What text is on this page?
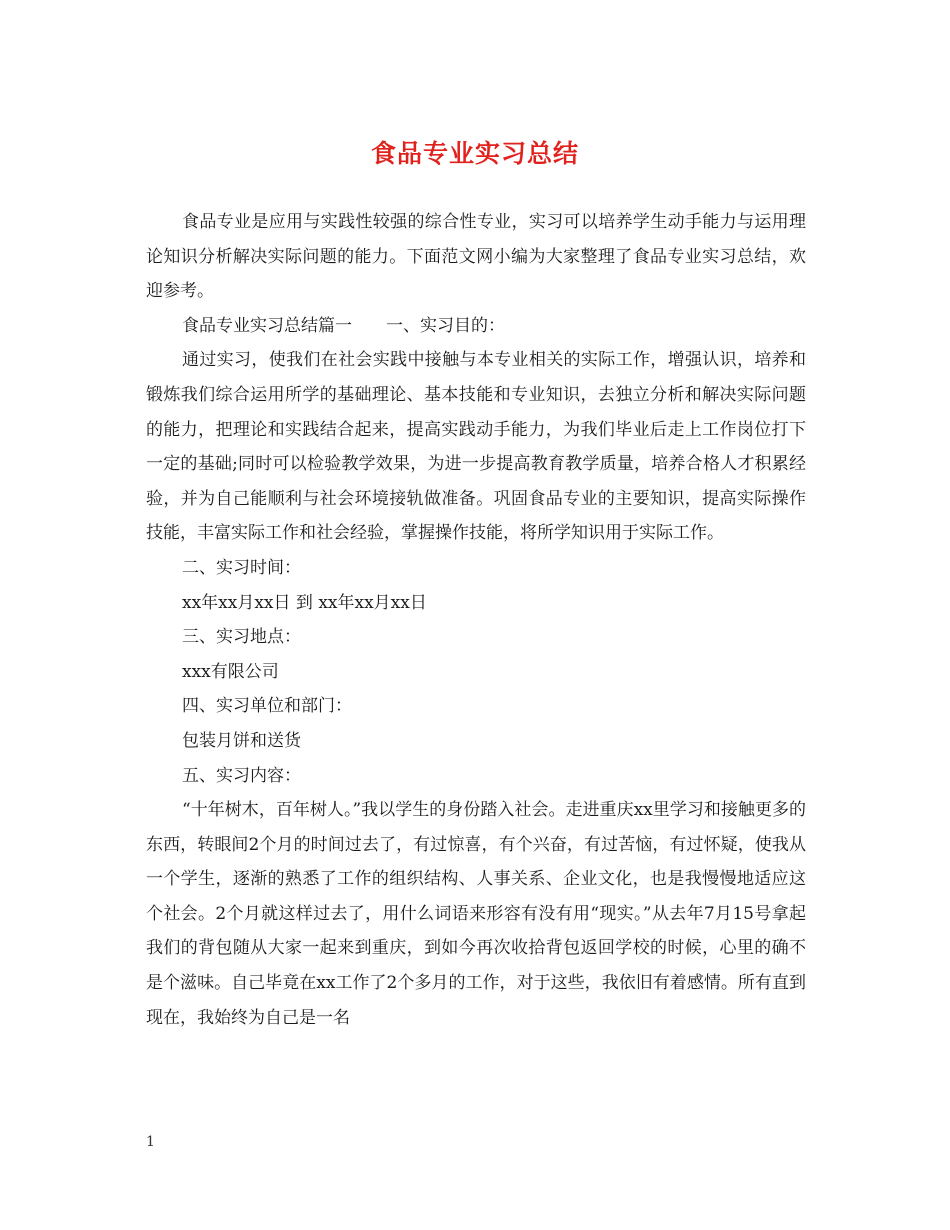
食品专业实习总结

食品专业是应用与实践性较强的综合性专业，实习可以培养学生动手能力与运用理论知识分析解决实际问题的能力。下面范文网小编为大家整理了食品专业实习总结，欢迎参考。

食品专业实习总结篇一　　一、实习目的：

通过实习，使我们在社会实践中接触与本专业相关的实际工作，增强认识，培养和锻炼我们综合运用所学的基础理论、基本技能和专业知识，去独立分析和解决实际问题的能力，把理论和实践结合起来，提高实践动手能力，为我们毕业后走上工作岗位打下一定的基础;同时可以检验教学效果，为进一步提高教育教学质量，培养合格人才积累经验，并为自己能顺利与社会环境接轨做准备。巩固食品专业的主要知识，提高实际操作技能，丰富实际工作和社会经验，掌握操作技能，将所学知识用于实际工作。

二、实习时间：

xx年xx月xx日 到 xx年xx月xx日

三、实习地点：

xxx有限公司

四、实习单位和部门：

包装月饼和送货

五、实习内容：

“十年树木，百年树人。”我以学生的身份踏入社会。走进重庆xx里学习和接触更多的东西，转眼间2个月的时间过去了，有过惊喜，有个兴奋，有过苦恼，有过怀疑，使我从一个学生，逐渐的熟悉了工作的组织结构、人事关系、企业文化，也是我慢慢地适应这个社会。2个月就这样过去了，用什么词语来形容有没有用“现实。”从去年7月15号拿起我们的背包随从大家一起来到重庆，到如今再次收拾背包返回学校的时候，心里的确不是个滋味。自己毕竟在xx工作了2个多月的工作，对于这些，我依旧有着感情。所有直到现在，我始终为自己是一名

1
